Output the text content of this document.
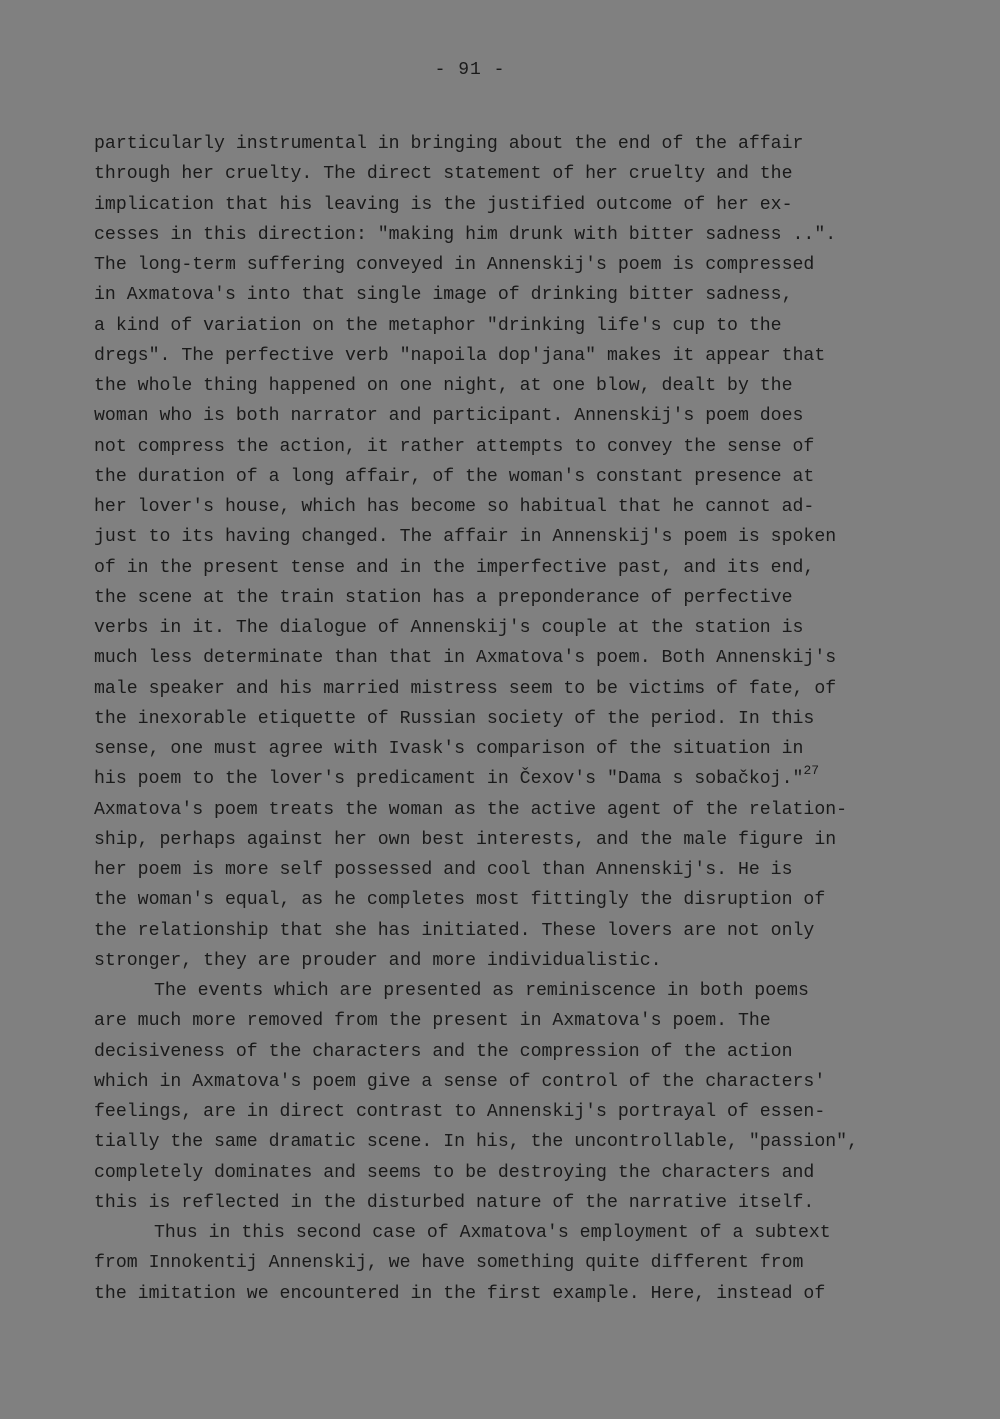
- 91 -
particularly instrumental in bringing about the end of the affair
through her cruelty. The direct statement of her cruelty and the
implication that his leaving is the justified outcome of her ex-
cesses in this direction: "making him drunk with bitter sadness ..".
The long-term suffering conveyed in Annenskij's poem is compressed
in Axmatova's into that single image of drinking bitter sadness,
a kind of variation on the metaphor "drinking life's cup to the
dregs". The perfective verb "napoila dop'jana" makes it appear that
the whole thing happened on one night, at one blow, dealt by the
woman who is both narrator and participant. Annenskij's poem does
not compress the action, it rather attempts to convey the sense of
the duration of a long affair, of the woman's constant presence at
her lover's house, which has become so habitual that he cannot ad-
just to its having changed. The affair in Annenskij's poem is spoken
of in the present tense and in the imperfective past, and its end,
the scene at the train station has a preponderance of perfective
verbs in it. The dialogue of Annenskij's couple at the station is
much less determinate than that in Axmatova's poem. Both Annenskij's
male speaker and his married mistress seem to be victims of fate, of
the inexorable etiquette of Russian society of the period. In this
sense, one must agree with Ivask's comparison of the situation in
his poem to the lover's predicament in Čexov's "Dama s sobačkoj."$^{27}$
Axmatova's poem treats the woman as the active agent of the relation-
ship, perhaps against her own best interests, and the male figure in
her poem is more self possessed and cool than Annenskij's. He is
the woman's equal, as he completes most fittingly the disruption of
the relationship that she has initiated. These lovers are not only
stronger, they are prouder and more individualistic.
The events which are presented as reminiscence in both poems
are much more removed from the present in Axmatova's poem. The
decisiveness of the characters and the compression of the action
which in Axmatova's poem give a sense of control of the characters'
feelings, are in direct contrast to Annenskij's portrayal of essen-
tially the same dramatic scene. In his, the uncontrollable, "passion",
completely dominates and seems to be destroying the characters and
this is reflected in the disturbed nature of the narrative itself.
Thus in this second case of Axmatova's employment of a subtext
from Innokentij Annenskij, we have something quite different from
the imitation we encountered in the first example. Here, instead of
